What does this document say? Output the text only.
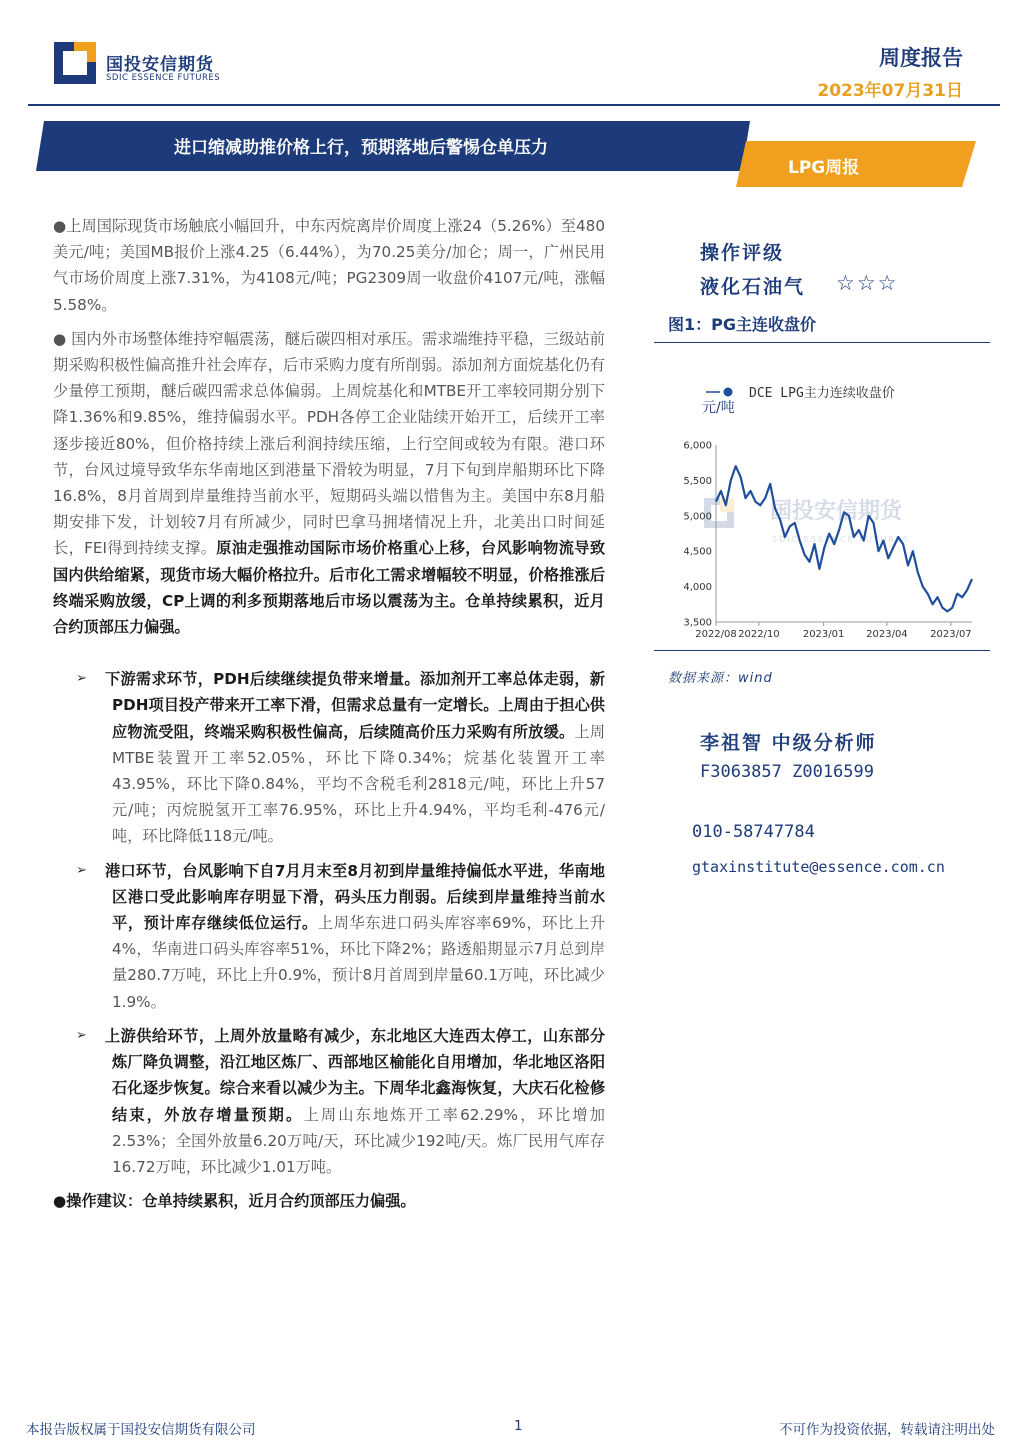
国投安信期货
SDIC ESSENCE FUTURES
周度报告
2023年07月31日
进口缩减助推价格上行，预期落地后警惕仓单压力
LPG周报

●上周国际现货市场触底小幅回升，中东丙烷离岸价周度上涨24（5.26%）至480美元/吨；美国MB报价上涨4.25（6.44%），为70.25美分/加仑；周一，广州民用气市场价周度上涨7.31%，为4108元/吨；PG2309周一收盘价4107元/吨，涨幅5.58%。

● 国内外市场整体维持窄幅震荡，醚后碳四相对承压。需求端维持平稳，三级站前期采购积极性偏高推升社会库存，后市采购力度有所削弱。添加剂方面烷基化仍有少量停工预期，醚后碳四需求总体偏弱。上周烷基化和MTBE开工率较同期分别下降1.36%和9.85%，维持偏弱水平。PDH各停工企业陆续开始开工，后续开工率逐步接近80%，但价格持续上涨后利润持续压缩，上行空间或较为有限。港口环节，台风过境导致华东华南地区到港量下滑较为明显，7月下旬到岸船期环比下降16.8%，8月首周到岸量维持当前水平，短期码头端以惜售为主。美国中东8月船期安排下发，计划较7月有所减少，同时巴拿马拥堵情况上升，北美出口时间延长，FEI得到持续支撑。原油走强推动国际市场价格重心上移，台风影响物流导致国内供给缩紧，现货市场大幅价格拉升。后市化工需求增幅较不明显，价格推涨后终端采购放缓，CP上调的利多预期落地后市场以震荡为主。仓单持续累积，近月合约顶部压力偏强。

➢ 下游需求环节，PDH后续继续提负带来增量。添加剂开工率总体走弱，新PDH项目投产带来开工率下滑，但需求总量有一定增长。上周由于担心供应物流受阻，终端采购积极性偏高，后续随高价压力采购有所放缓。上周MTBE装置开工率52.05%，环比下降0.34%；烷基化装置开工率43.95%，环比下降0.84%，平均不含税毛利2818元/吨，环比上升57元/吨；丙烷脱氢开工率76.95%，环比上升4.94%，平均毛利-476元/吨，环比降低118元/吨。

➢ 港口环节，台风影响下自7月月末至8月初到岸量维持偏低水平进，华南地区港口受此影响库存明显下滑，码头压力削弱。后续到岸量维持当前水平，预计库存继续低位运行。上周华东进口码头库容率69%，环比上升4%，华南进口码头库容率51%，环比下降2%；路透船期显示7月总到岸量280.7万吨，环比上升0.9%，预计8月首周到岸量60.1万吨，环比减少1.9%。

➢ 上游供给环节，上周外放量略有减少，东北地区大连西太停工，山东部分炼厂降负调整，沿江地区炼厂、西部地区榆能化自用增加，华北地区洛阳石化逐步恢复。综合来看以减少为主。下周华北鑫海恢复，大庆石化检修结束，外放存增量预期。上周山东地炼开工率62.29%，环比增加2.53%；全国外放量6.20万吨/天，环比减少192吨/天。炼厂民用气库存16.72万吨，环比减少1.01万吨。

●操作建议：仓单持续累积，近月合约顶部压力偏强。

操作评级
液化石油气 ☆☆☆
图1：PG主连收盘价
国投安信期货
SDIC ESSENCE FUTURES
DCE LPG主力连续收盘价
元/吨
3,500
4,000
4,500
5,000
5,500
6,000
2022/08 2022/10 2023/01 2023/04 2023/07
数据来源：wind
李祖智 中级分析师
F3063857 Z0016599
010-58747784
gtaxinstitute@essence.com.cn
本报告版权属于国投安信期货有限公司	1	不可作为投资依据，转载请注明出处
